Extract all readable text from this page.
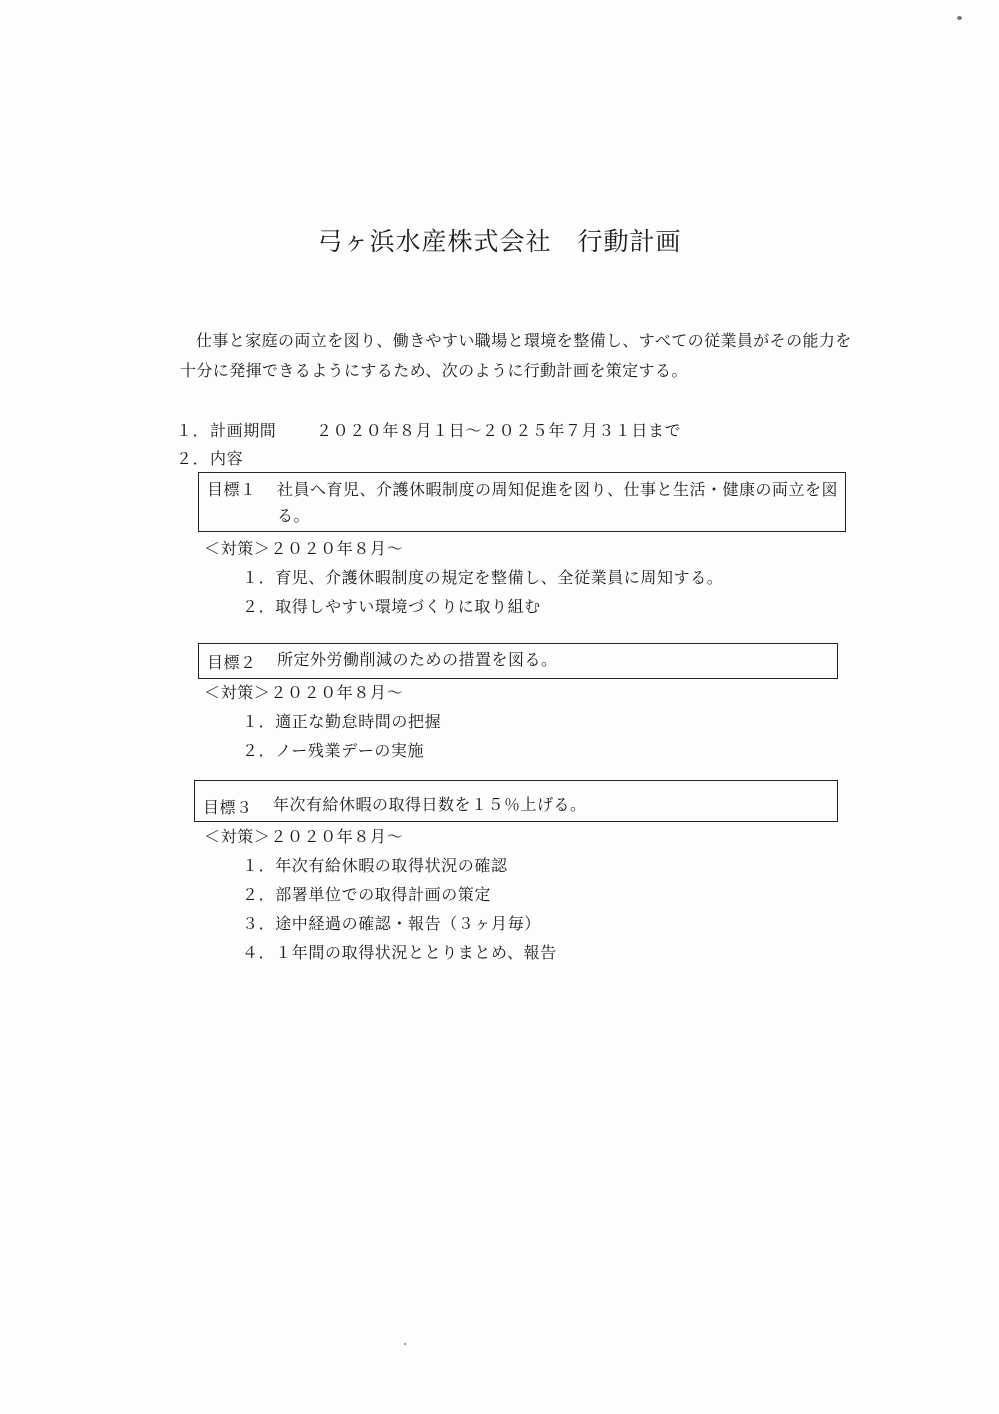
弓ヶ浜水産株式会社　行動計画
仕事と家庭の両立を図り、働きやすい職場と環境を整備し、すべての従業員がその能力を
十分に発揮できるようにするため、次のように行動計画を策定する。
１． 計画期間 ２０２０年８月１日～２０２５年７月３１日まで
２． 内容
目標１ 社員へ育児、介護休暇制度の周知促進を図り、仕事と生活・健康の両立を図る。
＜対策＞２０２０年８月～
１．育児、介護休暇制度の規定を整備し、全従業員に周知する。
２．取得しやすい環境づくりに取り組む
目標２ 所定外労働削減のための措置を図る。
＜対策＞２０２０年８月～
１．適正な勤怠時間の把握
２．ノー残業デーの実施
目標３ 年次有給休暇の取得日数を１５％上げる。
＜対策＞２０２０年８月～
１．年次有給休暇の取得状況の確認
２．部署単位での取得計画の策定
３．途中経過の確認・報告（３ヶ月毎）
４．１年間の取得状況ととりまとめ、報告
